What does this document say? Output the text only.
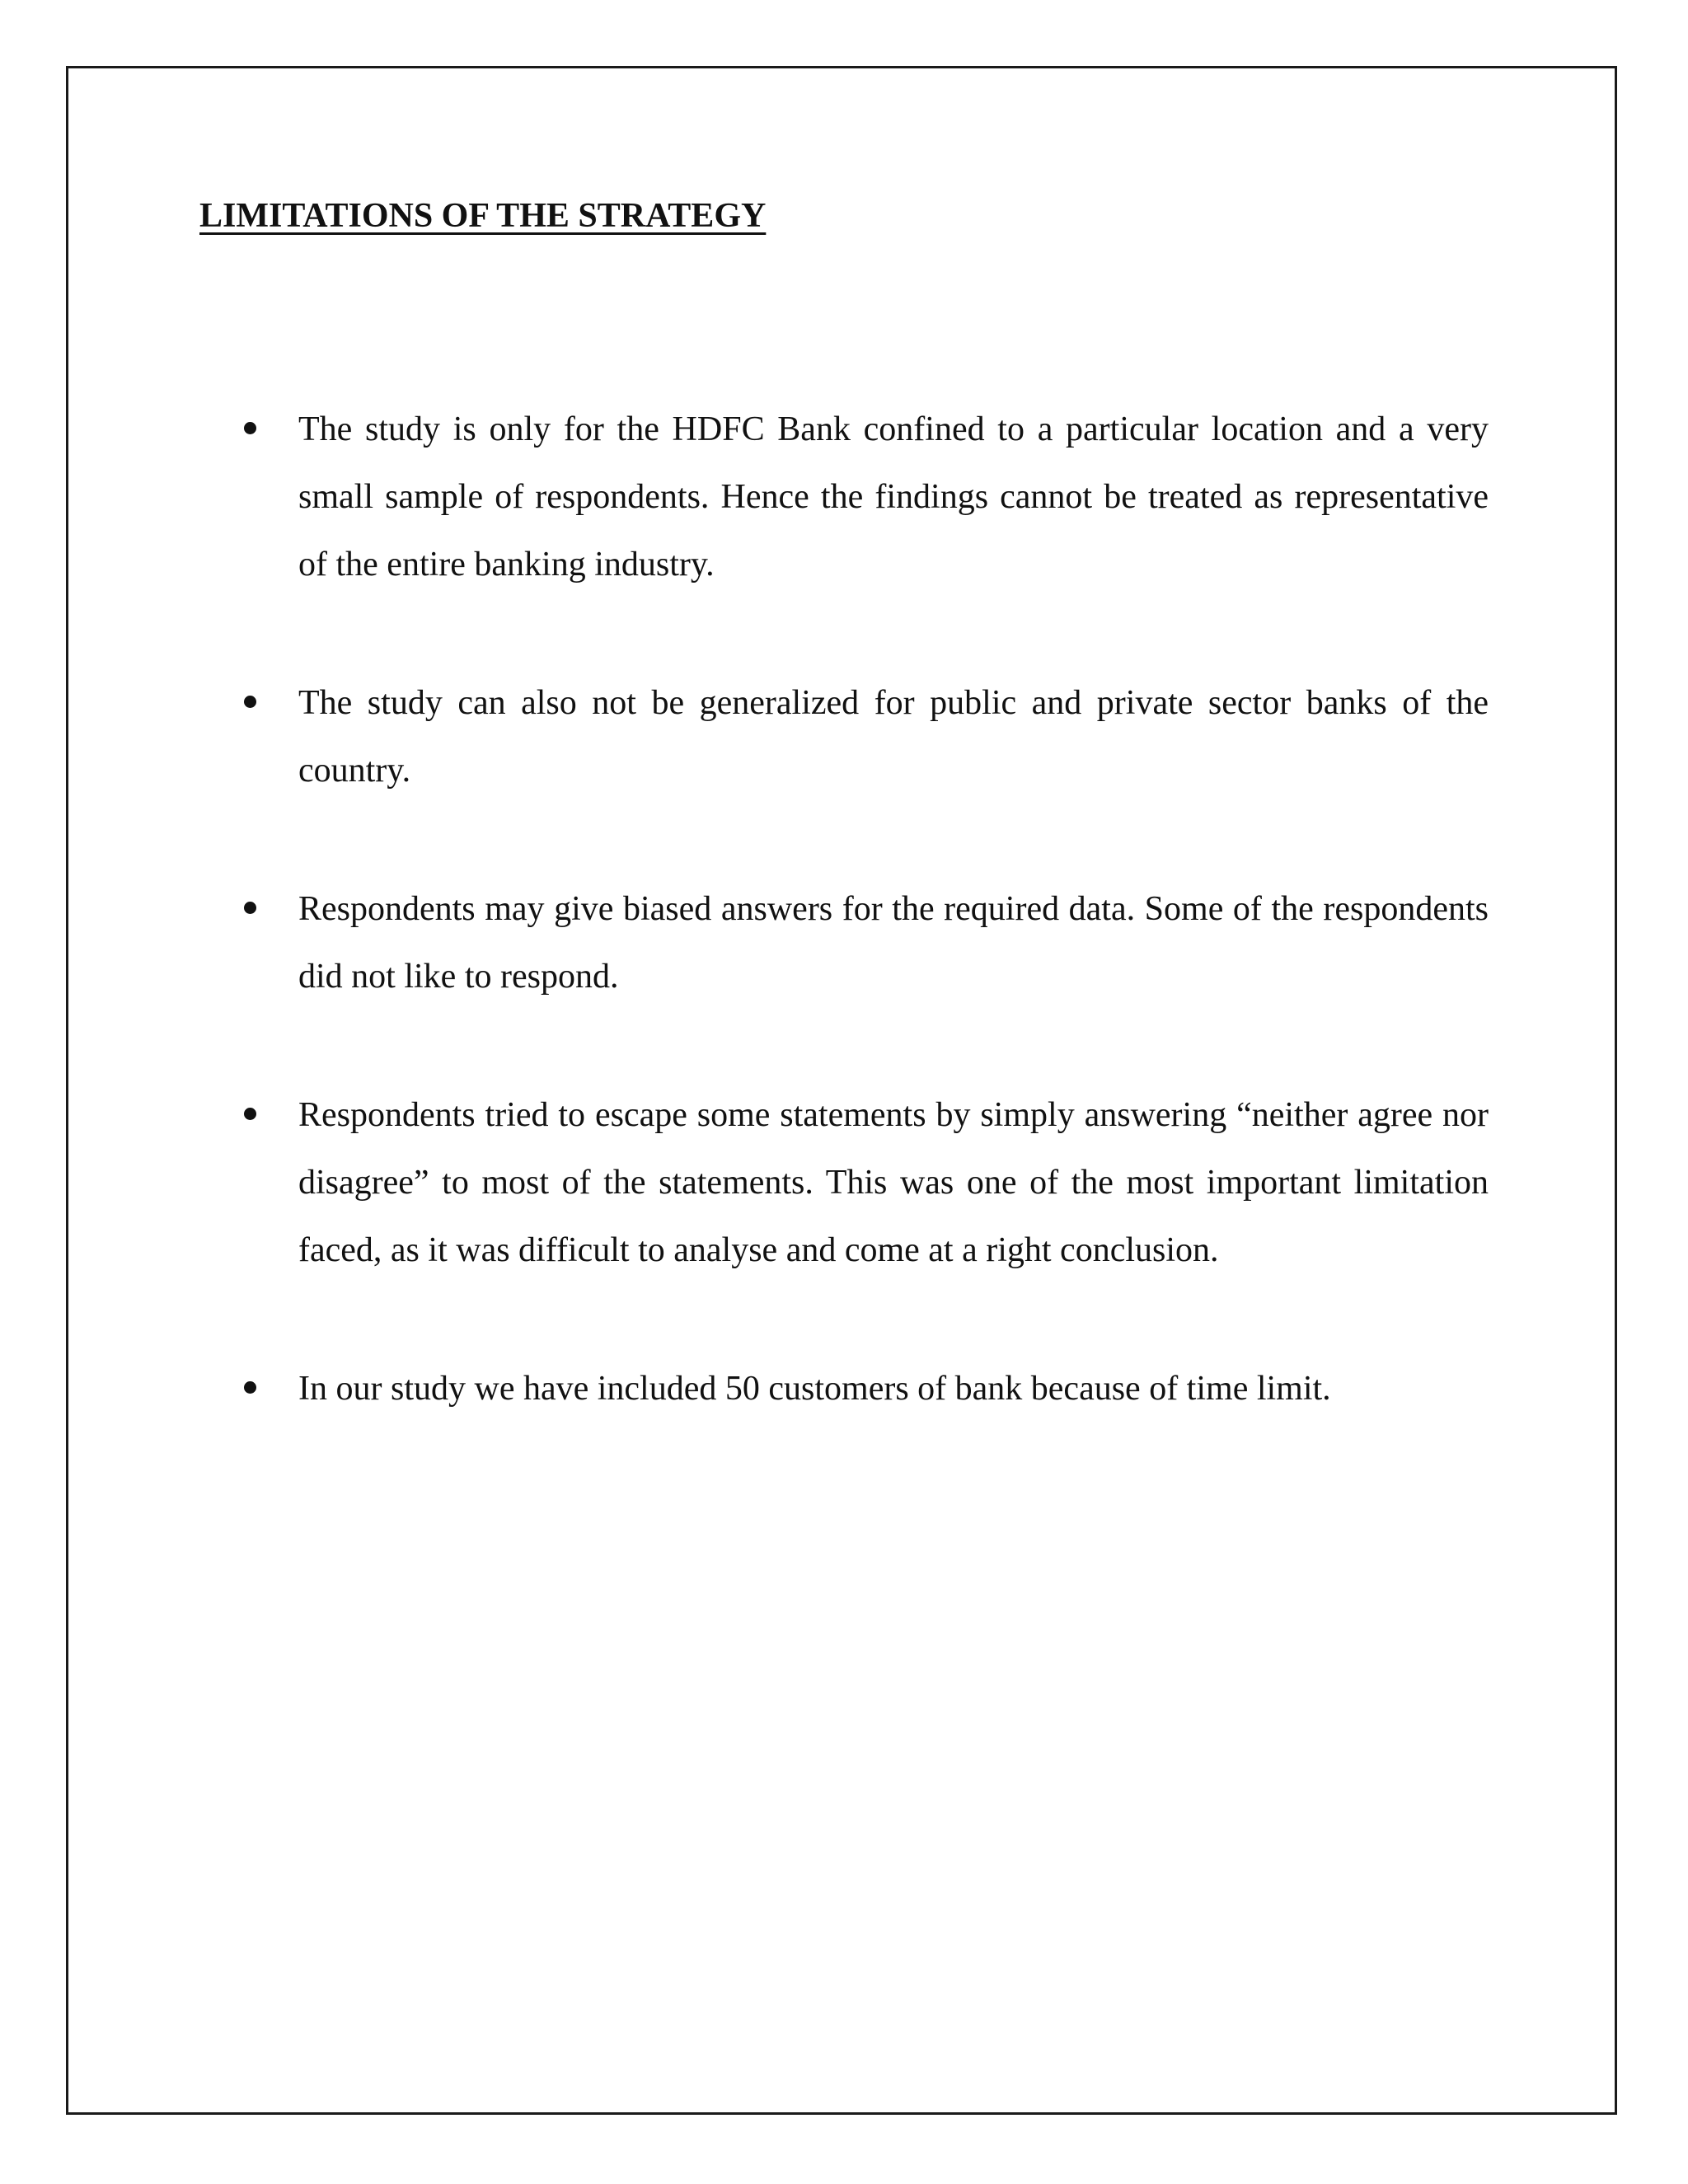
LIMITATIONS OF THE STRATEGY
The study is only for the HDFC Bank confined to a particular location and a very small sample of respondents. Hence the findings cannot be treated as representative of the entire banking industry.
The study can also not be generalized for public and private sector banks of the country.
Respondents may give biased answers for the required data. Some of the respondents did not like to respond.
Respondents tried to escape some statements by simply answering “neither agree nor disagree” to most of the statements. This was one of the most important limitation faced, as it was difficult to analyse and come at a right conclusion.
In our study we have included 50 customers of bank because of time limit.
